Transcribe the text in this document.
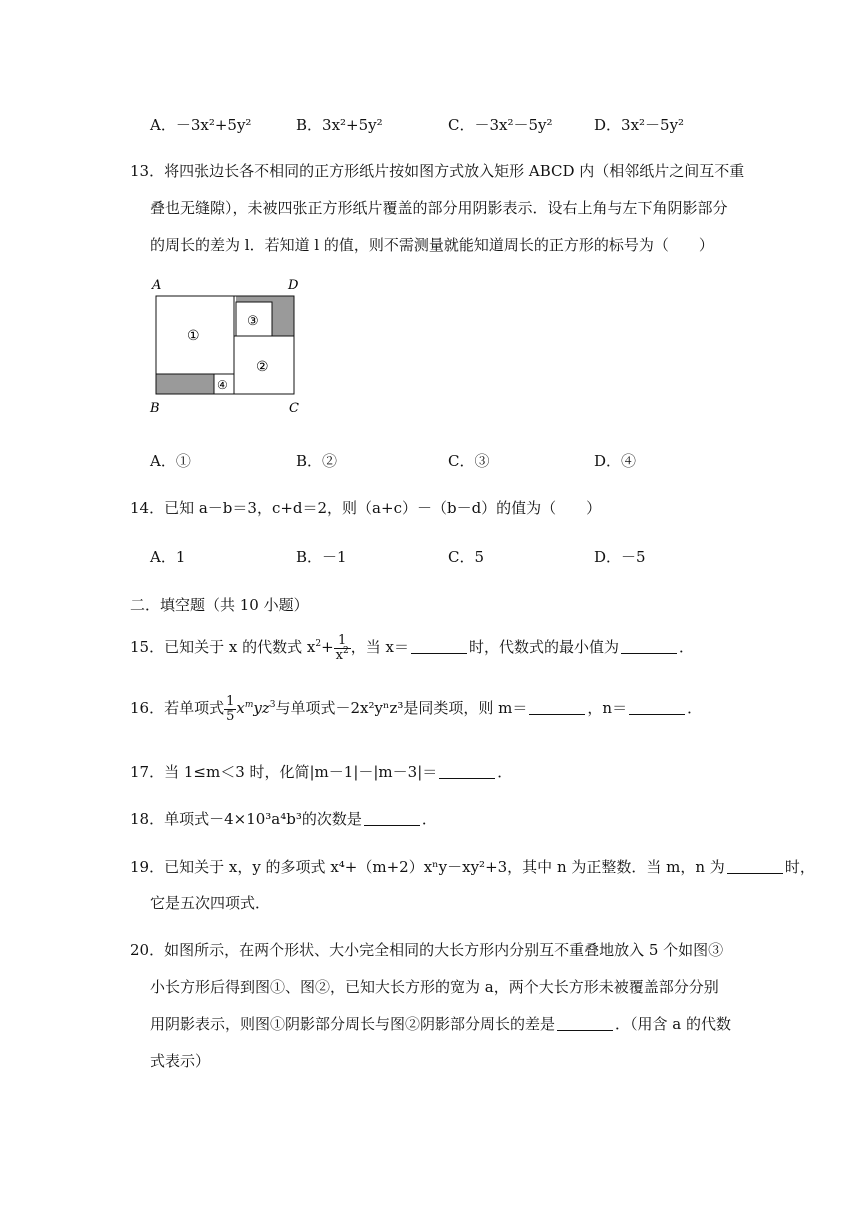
A．－3x²+5y²	B．3x²+5y²	C．－3x²－5y²	D．3x²－5y²
13．将四张边长各不相同的正方形纸片按如图方式放入矩形 ABCD 内（相邻纸片之间互不重
叠也无缝隙），未被四张正方形纸片覆盖的部分用阴影表示．设右上角与左下角阴影部分
的周长的差为 l．若知道 l 的值，则不需测量就能知道周长的正方形的标号为（　　）
A	D
B	C
①
③
②
④
A．①	B．②	C．③	D．④
14．已知 a－b＝3，c+d＝2，则（a+c）－（b－d）的值为（　　）
A．1	B．－1	C．5	D．－5
二．填空题（共 10 小题）
15．已知关于 x 的代数式 $x^2+ \frac{1}{x^2}$ ，当 x＝	时，代数式的最小值为	．
16．若单项式 $\frac{1}{5} x^myz^3$与单项式－2x²yⁿz³是同类项，则 m＝	，n＝	．
17．当 1≤m＜3 时，化简|m－1|－|m－3|＝	．
18．单项式－4×10³a⁴b³的次数是	．
19．已知关于 x，y 的多项式 x⁴+（m+2）xⁿy－xy²+3，其中 n 为正整数．当 m，n 为	时，
它是五次四项式．
20．如图所示，在两个形状、大小完全相同的大长方形内分别互不重叠地放入 5 个如图③
小长方形后得到图①、图②，已知大长方形的宽为 a，两个大长方形未被覆盖部分分别
用阴影表示，则图①阴影部分周长与图②阴影部分周长的差是	．（用含 a 的代数
式表示）
